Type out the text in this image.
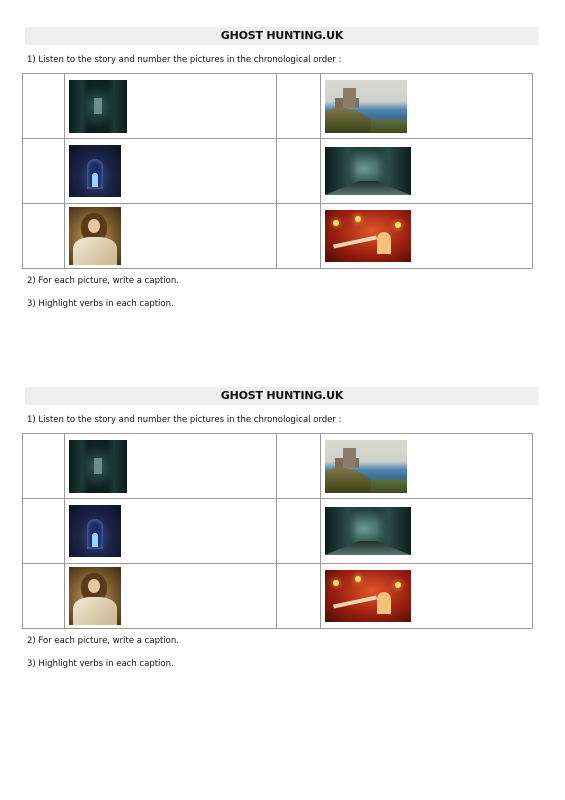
GHOST HUNTING.UK
1) Listen to the story and number the pictures in the chronological order :

2) For each picture, write a caption.
3) Highlight verbs in each caption.
GHOST HUNTING.UK
1) Listen to the story and number the pictures in the chronological order :

2) For each picture, write a caption.
3) Highlight verbs in each caption.
